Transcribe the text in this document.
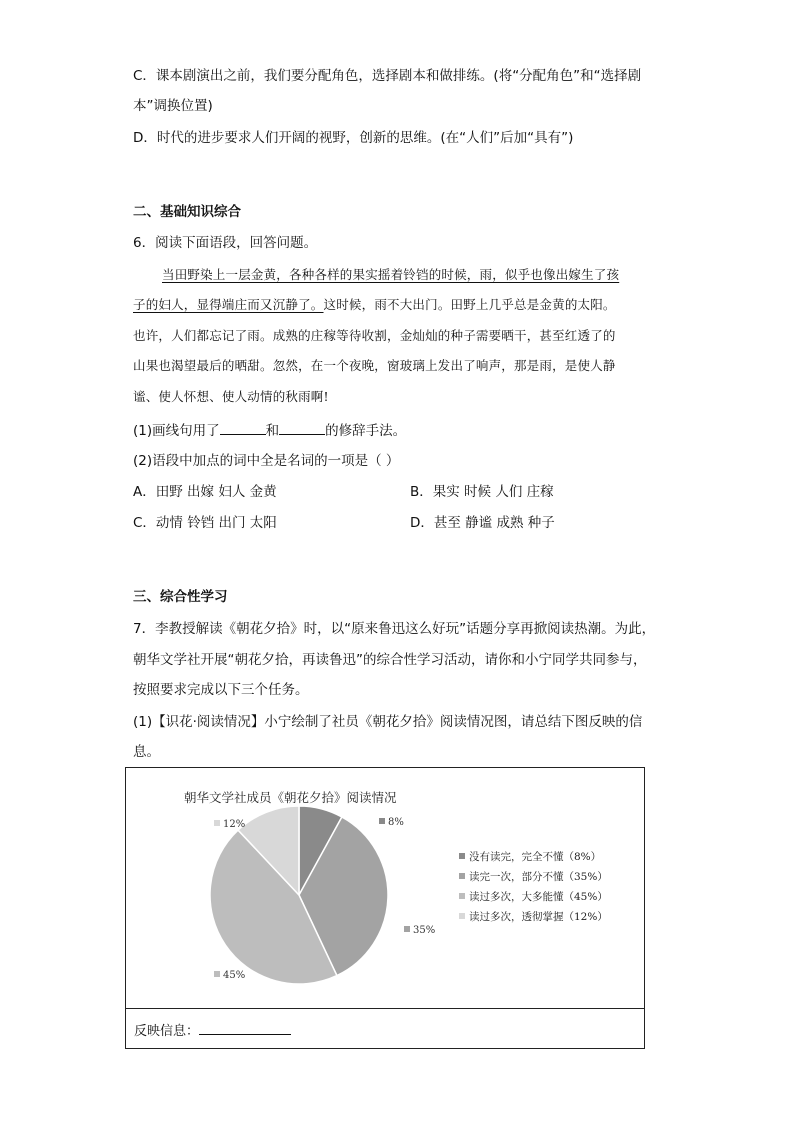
C．课本剧演出之前，我们要分配角色，选择剧本和做排练。(将“分配角色”和“选择剧
本”调换位置)
D．时代的进步要求人们开阔的视野，创新的思维。(在“人们”后加“具有”)
二、基础知识综合
6．阅读下面语段，回答问题。
当田野染上一层金黄，各种各样的果实摇着铃铛的时候，雨，似乎也像出嫁生了孩
子的妇人，显得端庄而又沉静了。这时候，雨不大出门。田野上几乎总是金黄的太阳。
也许，人们都忘记了雨。成熟的庄稼等待收割，金灿灿的种子需要晒干，甚至红透了的
山果也渴望最后的晒甜。忽然，在一个夜晚，窗玻璃上发出了响声，那是雨，是使人静
谧、使人怀想、使人动情的秋雨啊!
(1)画线句用了	和	的修辞手法。
(2)语段中加点的词中全是名词的一项是（ ）
A．田野 出嫁 妇人 金黄	B．果实 时候 人们 庄稼
C．动情 铃铛 出门 太阳	D．甚至 静谧 成熟 种子
三、综合性学习
7．李教授解读《朝花夕拾》时，以“原来鲁迅这么好玩”话题分享再掀阅读热潮。为此，
朝华文学社开展“朝花夕拾，再读鲁迅”的综合性学习活动，请你和小宁同学共同参与，
按照要求完成以下三个任务。
(1)【识花·阅读情况】小宁绘制了社员《朝花夕拾》阅读情况图，请总结下图反映的信
息。
朝华文学社成员《朝花夕拾》阅读情况
8%
35%
45%
12%
没有读完，完全不懂（8%）
读完一次，部分不懂（35%）
读过多次，大多能懂（45%）
读过多次，透彻掌握（12%）
反映信息：
